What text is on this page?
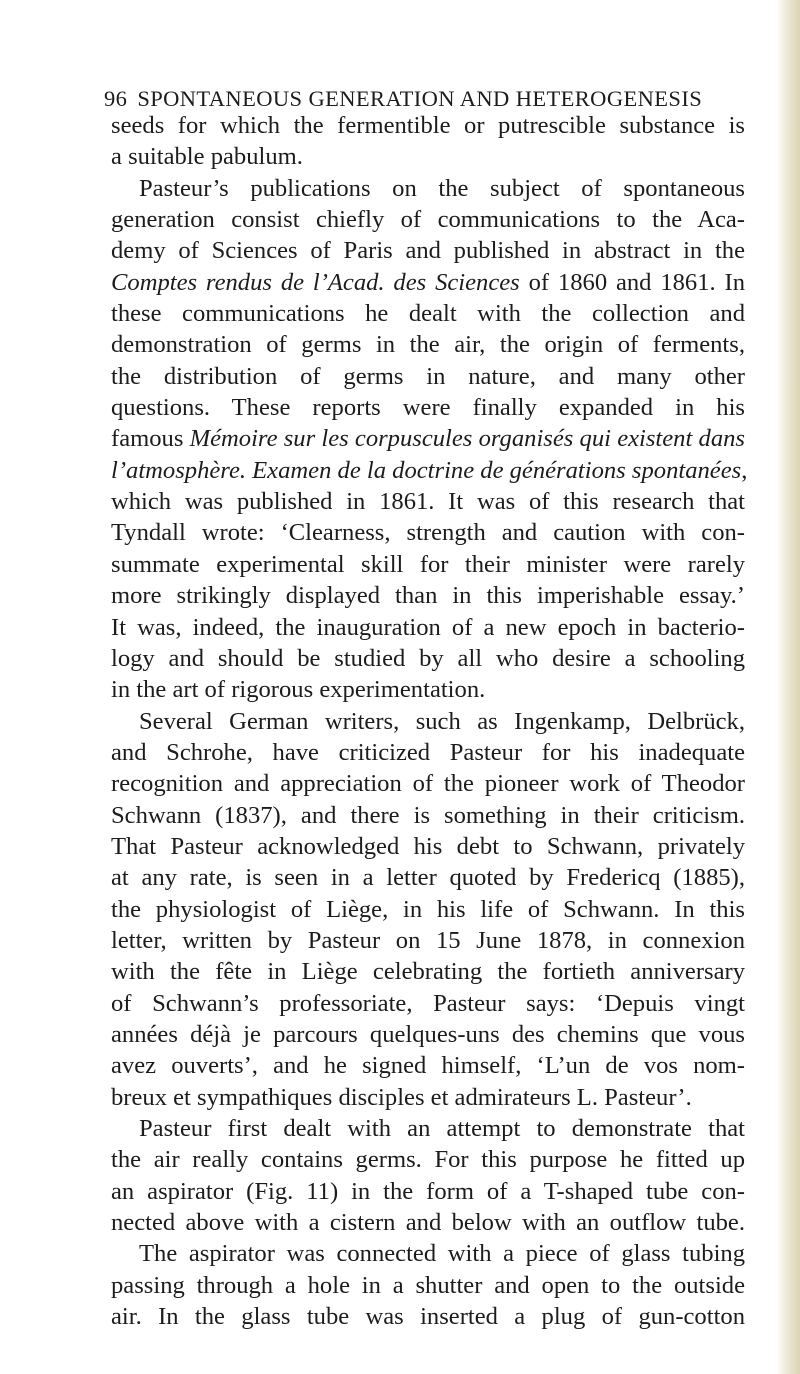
96 SPONTANEOUS GENERATION AND HETEROGENESIS
seeds for which the fermentible or putrescible substance is
a suitable pabulum.
Pasteur’s publications on the subject of spontaneous
generation consist chiefly of communications to the Aca-
demy of Sciences of Paris and published in abstract in the
Comptes rendus de l’Acad. des Sciences of 1860 and 1861. In
these communications he dealt with the collection and
demonstration of germs in the air, the origin of ferments,
the distribution of germs in nature, and many other
questions. These reports were finally expanded in his
famous Mémoire sur les corpuscules organisés qui existent dans
l’atmosphère. Examen de la doctrine de générations spontanées,
which was published in 1861. It was of this research that
Tyndall wrote: ‘Clearness, strength and caution with con-
summate experimental skill for their minister were rarely
more strikingly displayed than in this imperishable essay.’
It was, indeed, the inauguration of a new epoch in bacterio-
logy and should be studied by all who desire a schooling
in the art of rigorous experimentation.
Several German writers, such as Ingenkamp, Delbrück,
and Schrohe, have criticized Pasteur for his inadequate
recognition and appreciation of the pioneer work of Theodor
Schwann (1837), and there is something in their criticism.
That Pasteur acknowledged his debt to Schwann, privately
at any rate, is seen in a letter quoted by Fredericq (1885),
the physiologist of Liège, in his life of Schwann. In this
letter, written by Pasteur on 15 June 1878, in connexion
with the fête in Liège celebrating the fortieth anniversary
of Schwann’s professoriate, Pasteur says: ‘Depuis vingt
années déjà je parcours quelques-uns des chemins que vous
avez ouverts’, and he signed himself, ‘L’un de vos nom-
breux et sympathiques disciples et admirateurs L. Pasteur’.
Pasteur first dealt with an attempt to demonstrate that
the air really contains germs. For this purpose he fitted up
an aspirator (Fig. 11) in the form of a T-shaped tube con-
nected above with a cistern and below with an outflow tube.
The aspirator was connected with a piece of glass tubing
passing through a hole in a shutter and open to the outside
air. In the glass tube was inserted a plug of gun-cotton
